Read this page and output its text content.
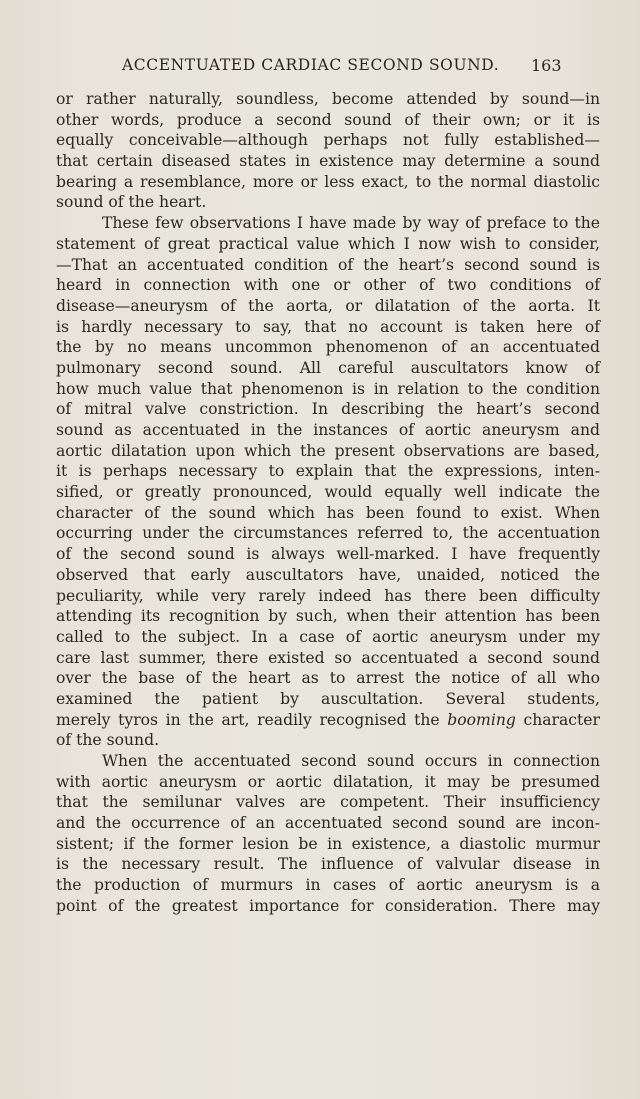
ACCENTUATED CARDIAC SECOND SOUND. 163
or rather naturally, soundless, become attended by sound—in
other words, produce a second sound of their own; or it is
equally conceivable—although perhaps not fully established—
that certain diseased states in existence may determine a sound
bearing a resemblance, more or less exact, to the normal diastolic
sound of the heart.
These few observations I have made by way of preface to the
statement of great practical value which I now wish to consider,
—That an accentuated condition of the heart’s second sound is
heard in connection with one or other of two conditions of
disease—aneurysm of the aorta, or dilatation of the aorta. It
is hardly necessary to say, that no account is taken here of
the by no means uncommon phenomenon of an accentuated
pulmonary second sound. All careful auscultators know of
how much value that phenomenon is in relation to the condition
of mitral valve constriction. In describing the heart’s second
sound as accentuated in the instances of aortic aneurysm and
aortic dilatation upon which the present observations are based,
it is perhaps necessary to explain that the expressions, inten-
sified, or greatly pronounced, would equally well indicate the
character of the sound which has been found to exist. When
occurring under the circumstances referred to, the accentuation
of the second sound is always well-marked. I have frequently
observed that early auscultators have, unaided, noticed the
peculiarity, while very rarely indeed has there been difficulty
attending its recognition by such, when their attention has been
called to the subject. In a case of aortic aneurysm under my
care last summer, there existed so accentuated a second sound
over the base of the heart as to arrest the notice of all who
examined the patient by auscultation. Several students,
merely tyros in the art, readily recognised the booming character
of the sound.
When the accentuated second sound occurs in connection
with aortic aneurysm or aortic dilatation, it may be presumed
that the semilunar valves are competent. Their insufficiency
and the occurrence of an accentuated second sound are incon-
sistent; if the former lesion be in existence, a diastolic murmur
is the necessary result. The influence of valvular disease in
the production of murmurs in cases of aortic aneurysm is a
point of the greatest importance for consideration. There may
